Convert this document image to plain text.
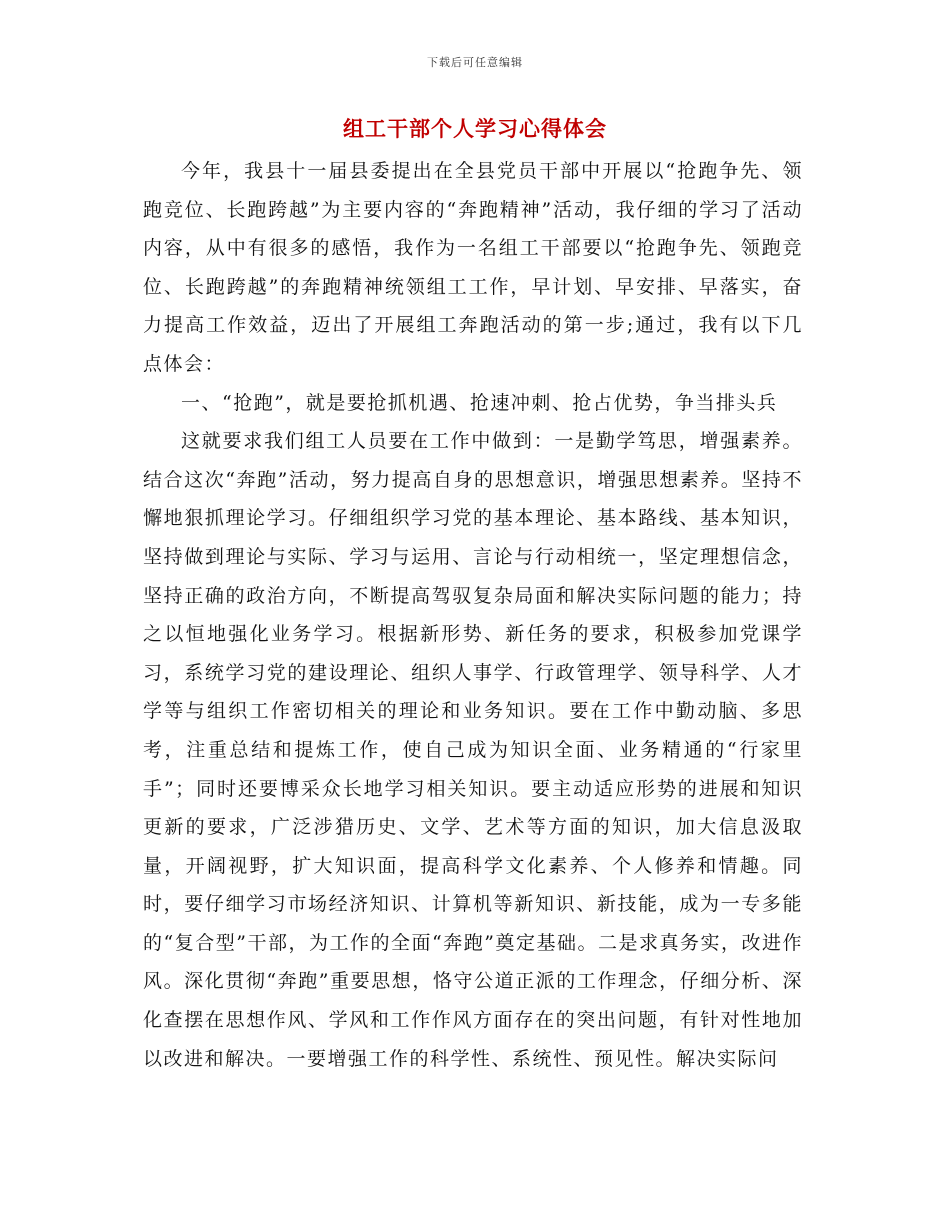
下载后可任意编辑
组工干部个人学习心得体会

今年，我县十一届县委提出在全县党员干部中开展以“抢跑争先、领跑竞位、长跑跨越”为主要内容的“奔跑精神”活动，我仔细的学习了活动内容，从中有很多的感悟，我作为一名组工干部要以“抢跑争先、领跑竞位、长跑跨越”的奔跑精神统领组工工作，早计划、早安排、早落实，奋力提高工作效益，迈出了开展组工奔跑活动的第一步;通过，我有以下几点体会：

一、“抢跑”，就是要抢抓机遇、抢速冲刺、抢占优势，争当排头兵

这就要求我们组工人员要在工作中做到：一是勤学笃思，增强素养。结合这次“奔跑”活动，努力提高自身的思想意识，增强思想素养。坚持不懈地狠抓理论学习。仔细组织学习党的基本理论、基本路线、基本知识，坚持做到理论与实际、学习与运用、言论与行动相统一，坚定理想信念，坚持正确的政治方向，不断提高驾驭复杂局面和解决实际问题的能力；持之以恒地强化业务学习。根据新形势、新任务的要求，积极参加党课学习，系统学习党的建设理论、组织人事学、行政管理学、领导科学、人才学等与组织工作密切相关的理论和业务知识。要在工作中勤动脑、多思考，注重总结和提炼工作，使自己成为知识全面、业务精通的“行家里手”；同时还要博采众长地学习相关知识。要主动适应形势的进展和知识更新的要求，广泛涉猎历史、文学、艺术等方面的知识，加大信息汲取量，开阔视野，扩大知识面，提高科学文化素养、个人修养和情趣。同时，要仔细学习市场经济知识、计算机等新知识、新技能，成为一专多能的“复合型”干部，为工作的全面“奔跑”奠定基础。二是求真务实，改进作风。深化贯彻“奔跑”重要思想，恪守公道正派的工作理念，仔细分析、深化查摆在思想作风、学风和工作作风方面存在的突出问题，有针对性地加以改进和解决。一要增强工作的科学性、系统性、预见性。解决实际问
